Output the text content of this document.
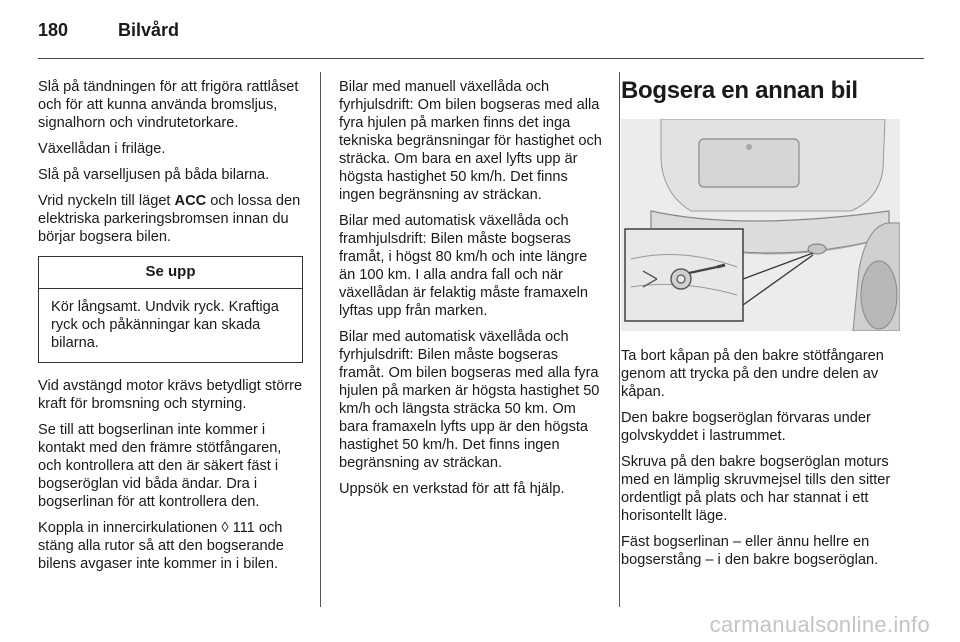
180	Bilvård

Slå på tändningen för att frigöra rattlåset och för att kunna använda bromsljus, signalhorn och vindrutetorkare.

Växellådan i friläge.

Slå på varselljusen på båda bilarna.

Vrid nyckeln till läget ACC och lossa den elektriska parkeringsbromsen innan du börjar bogsera bilen.

Se upp
Kör långsamt. Undvik ryck. Kraftiga ryck och påkänningar kan skada bilarna.

Vid avstängd motor krävs betydligt större kraft för bromsning och styrning.

Se till att bogserlinan inte kommer i kontakt med den främre stötfångaren, och kontrollera att den är säkert fäst i bogseröglan vid båda ändar. Dra i bogserlinan för att kontrollera den.

Koppla in innercirkulationen ◊ 111 och stäng alla rutor så att den bogserande bilens avgaser inte kommer in i bilen.

Bilar med manuell växellåda och fyrhjulsdrift: Om bilen bogseras med alla fyra hjulen på marken finns det inga tekniska begränsningar för hastighet och sträcka. Om bara en axel lyfts upp är högsta hastighet 50 km/h. Det finns ingen begränsning av sträckan.

Bilar med automatisk växellåda och framhjulsdrift: Bilen måste bogseras framåt, i högst 80 km/h och inte längre än 100 km. I alla andra fall och när växellådan är felaktig måste framaxeln lyftas upp från marken.

Bilar med automatisk växellåda och fyrhjulsdrift: Bilen måste bogseras framåt. Om bilen bogseras med alla fyra hjulen på marken är högsta hastighet 50 km/h och längsta sträcka 50 km. Om bara framaxeln lyfts upp är den högsta hastighet 50 km/h. Det finns ingen begränsning av sträckan.

Uppsök en verkstad för att få hjälp.

Bogsera en annan bil

Ta bort kåpan på den bakre stötfångaren genom att trycka på den undre delen av kåpan.

Den bakre bogseröglan förvaras under golvskyddet i lastrummet.

Skruva på den bakre bogseröglan moturs med en lämplig skruvmejsel tills den sitter ordentligt på plats och har stannat i ett horisontellt läge.

Fäst bogserlinan – eller ännu hellre en bogserstång – i den bakre bogseröglan.

carmanualsonline.info
